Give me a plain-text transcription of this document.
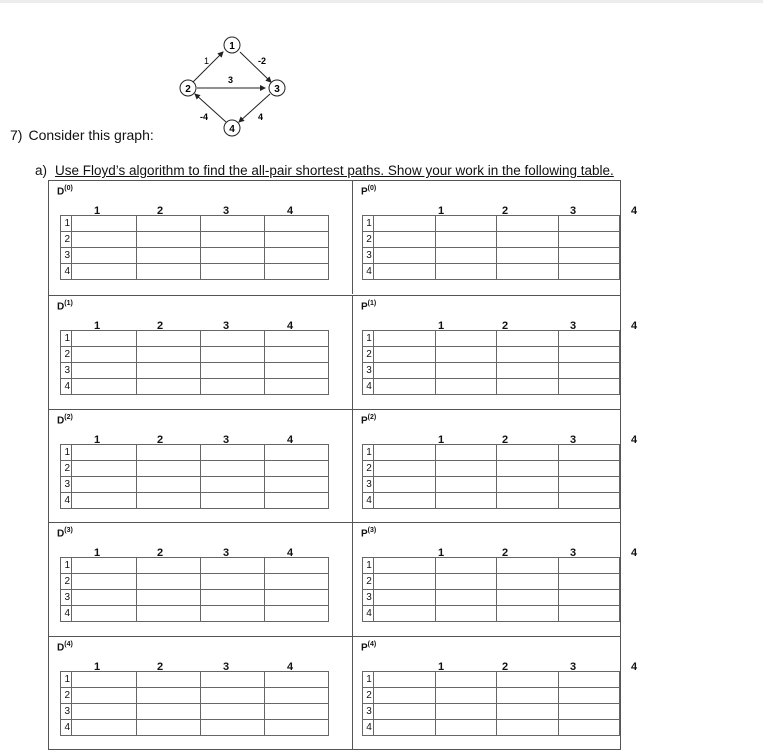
1	-2
3
-4	4
1
2	3
4
7) Consider this graph:
a) Use Floyd’s algorithm to find the all-pair shortest paths. Show your work in the following table.
$D^{(0)}$
1	2	3	4
1				
2				
3				
4				
$P^{(0)}$
1	2	3	4
1				
2				
3				
4				
$D^{(1)}$
1	2	3	4
1				
2				
3				
4				
$P^{(1)}$
1	2	3	4
1				
2				
3				
4				
$D^{(2)}$
1	2	3	4
1				
2				
3				
4				
$P^{(2)}$
1	2	3	4
1				
2				
3				
4				
$D^{(3)}$
1	2	3	4
1				
2				
3				
4				
$P^{(3)}$
1	2	3	4
1				
2				
3				
4				
$D^{(4)}$
1	2	3	4
1				
2				
3				
4				
$P^{(4)}$
1	2	3	4
1				
2				
3				
4				
